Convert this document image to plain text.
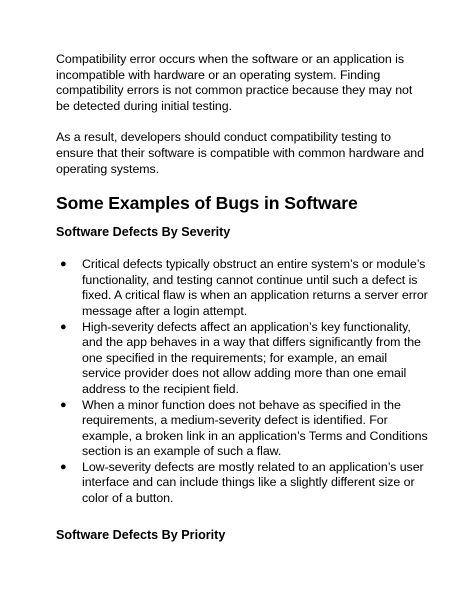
Compatibility error occurs when the software or an application is incompatible with hardware or an operating system. Finding compatibility errors is not common practice because they may not be detected during initial testing.

As a result, developers should conduct compatibility testing to ensure that their software is compatible with common hardware and operating systems.

Some Examples of Bugs in Software
Software Defects By Severity
● Critical defects typically obstruct an entire system’s or module’s functionality, and testing cannot continue until such a defect is fixed. A critical flaw is when an application returns a server error message after a login attempt.
● High-severity defects affect an application’s key functionality, and the app behaves in a way that differs significantly from the one specified in the requirements; for example, an email service provider does not allow adding more than one email address to the recipient field.
● When a minor function does not behave as specified in the requirements, a medium-severity defect is identified. For example, a broken link in an application’s Terms and Conditions section is an example of such a flaw.
● Low-severity defects are mostly related to an application’s user interface and can include things like a slightly different size or color of a button.
Software Defects By Priority
